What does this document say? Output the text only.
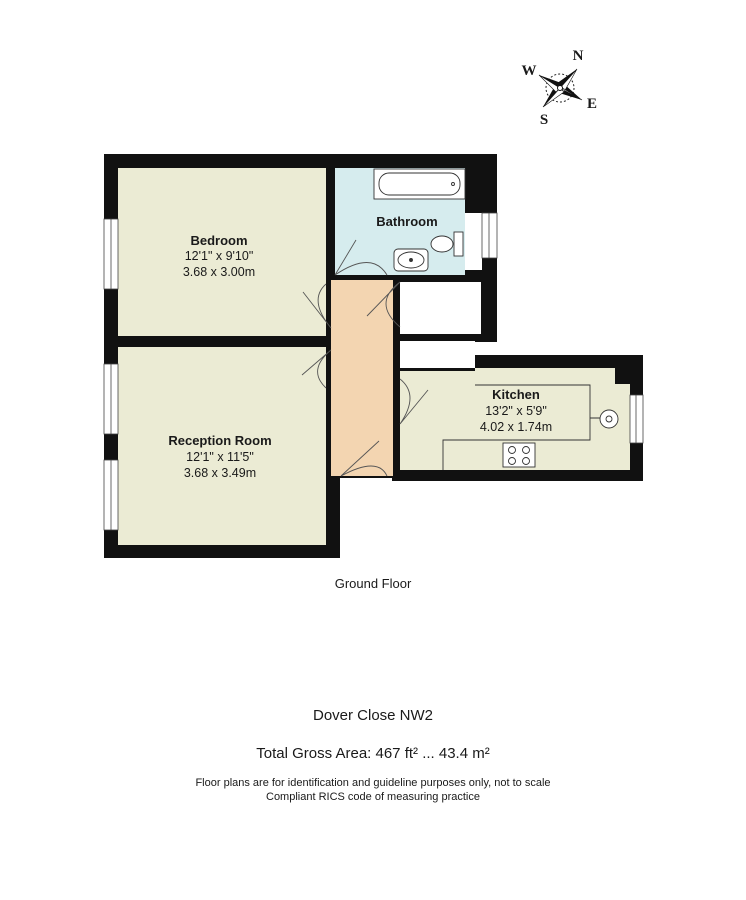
N
E
S
W
Bedroom
12'1" x 9'10"
3.68 x 3.00m
Bathroom
Reception Room
12'1" x 11'5"
3.68 x 3.49m
Kitchen
13'2" x 5'9"
4.02 x 1.74m
Ground Floor
Dover Close NW2
Total Gross Area: 467 ft² ... 43.4 m²
Floor plans are for identification and guideline purposes only, not to scale
Compliant RICS code of measuring practice
